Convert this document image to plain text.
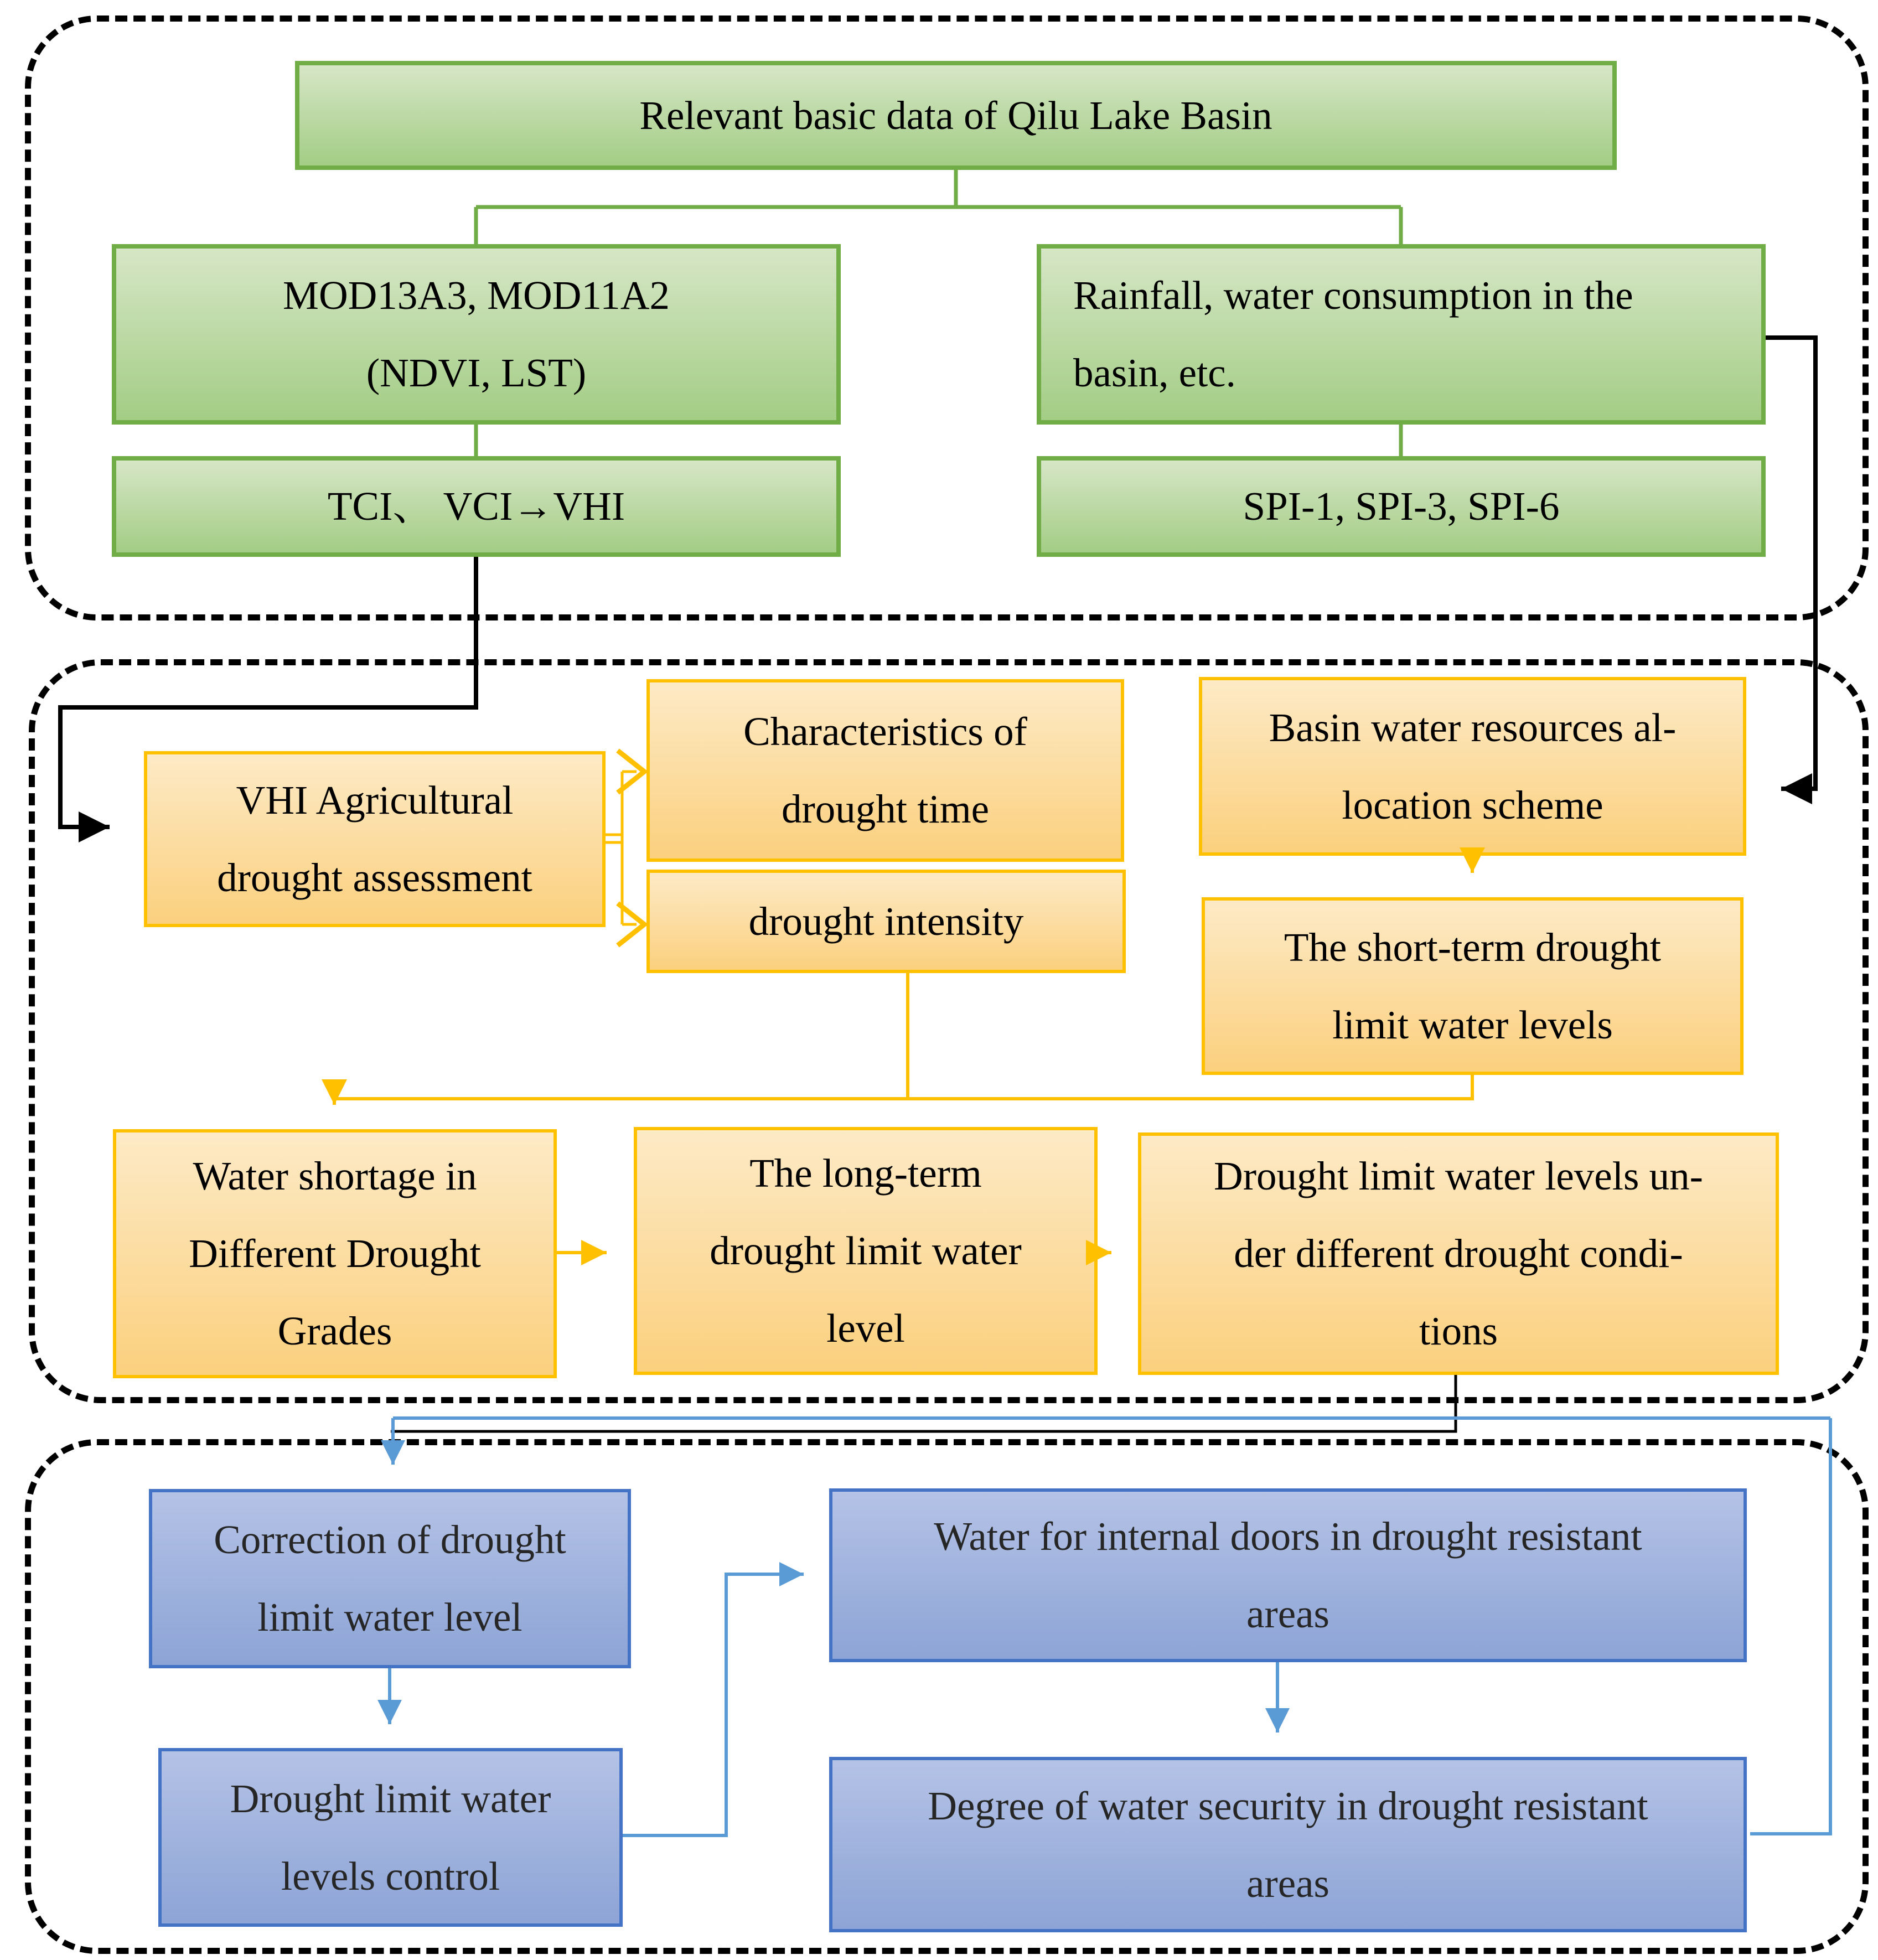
Relevant basic data of Qilu Lake Basin
MOD13A3, MOD11A2
(NDVI, LST)
Rainfall, water consumption in the
basin, etc.
TCI、 VCI→VHI	SPI-1, SPI-3, SPI-6
VHI Agricultural
drought assessment
Characteristics of
drought time
drought intensity
Basin water resources al-
location scheme
The short-term drought
limit water levels
Water shortage in
Different Drought
Grades
The long-term
drought limit water
level
Drought limit water levels un-
der different drought condi-
tions
Correction of drought
limit water level
Drought limit water
levels control
Water for internal doors in drought resistant
areas
Degree of water security in drought resistant
areas
